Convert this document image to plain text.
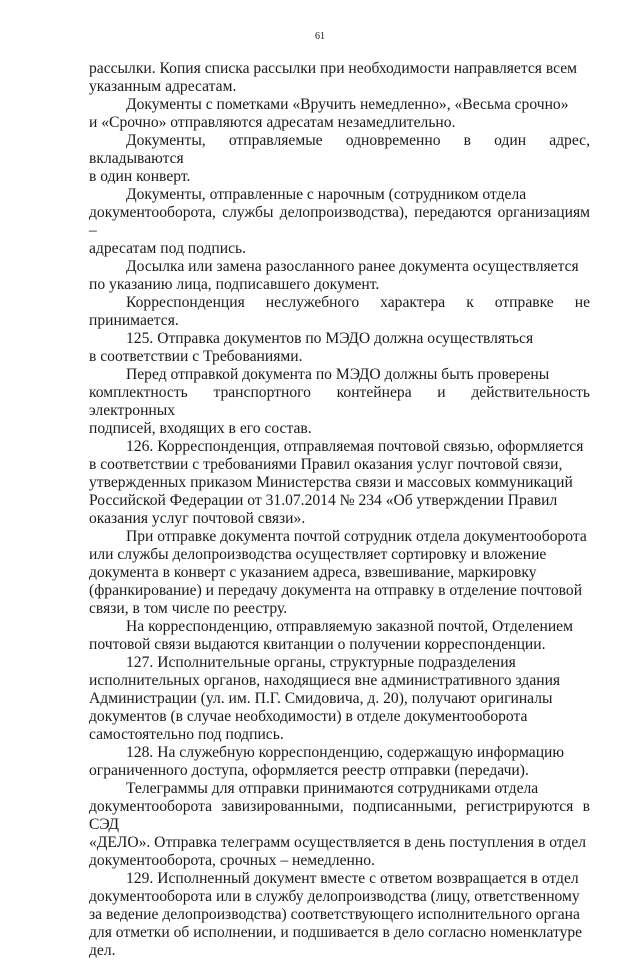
61

рассылки. Копия списка рассылки при необходимости направляется всем
указанным адресатам.

Документы с пометками «Вручить немедленно», «Весьма срочно»
и «Срочно» отправляются адресатам незамедлительно.

Документы, отправляемые одновременно в один адрес, вкладываются
в один конверт.

Документы, отправленные с нарочным (сотрудником отдела
документооборота, службы делопроизводства), передаются организациям –
адресатам под подпись.

Досылка или замена разосланного ранее документа осуществляется
по указанию лица, подписавшего документ.

Корреспонденция неслужебного характера к отправке не принимается.

125. Отправка документов по МЭДО должна осуществляться
в соответствии с Требованиями.

Перед отправкой документа по МЭДО должны быть проверены
комплектность транспортного контейнера и действительность электронных
подписей, входящих в его состав.

126. Корреспонденция, отправляемая почтовой связью, оформляется
в соответствии с требованиями Правил оказания услуг почтовой связи,
утвержденных приказом Министерства связи и массовых коммуникаций
Российской Федерации от 31.07.2014 № 234 «Об утверждении Правил
оказания услуг почтовой связи».

При отправке документа почтой сотрудник отдела документооборота
или службы делопроизводства осуществляет сортировку и вложение
документа в конверт с указанием адреса, взвешивание, маркировку
(франкирование) и передачу документа на отправку в отделение почтовой
связи, в том числе по реестру.

На корреспонденцию, отправляемую заказной почтой, Отделением
почтовой связи выдаются квитанции о получении корреспонденции.

127. Исполнительные органы, структурные подразделения
исполнительных органов, находящиеся вне административного здания
Администрации (ул. им. П.Г. Смидовича, д. 20), получают оригиналы
документов (в случае необходимости) в отделе документооборота
самостоятельно под подпись.

128. На служебную корреспонденцию, содержащую информацию
ограниченного доступа, оформляется реестр отправки (передачи).

Телеграммы для отправки принимаются сотрудниками отдела
документооборота завизированными, подписанными, регистрируются в СЭД
«ДЕЛО». Отправка телеграмм осуществляется в день поступления в отдел
документооборота, срочных – немедленно.

129. Исполненный документ вместе с ответом возвращается в отдел
документооборота или в службу делопроизводства (лицу, ответственному
за ведение делопроизводства) соответствующего исполнительного органа
для отметки об исполнении, и подшивается в дело согласно номенклатуре
дел.
